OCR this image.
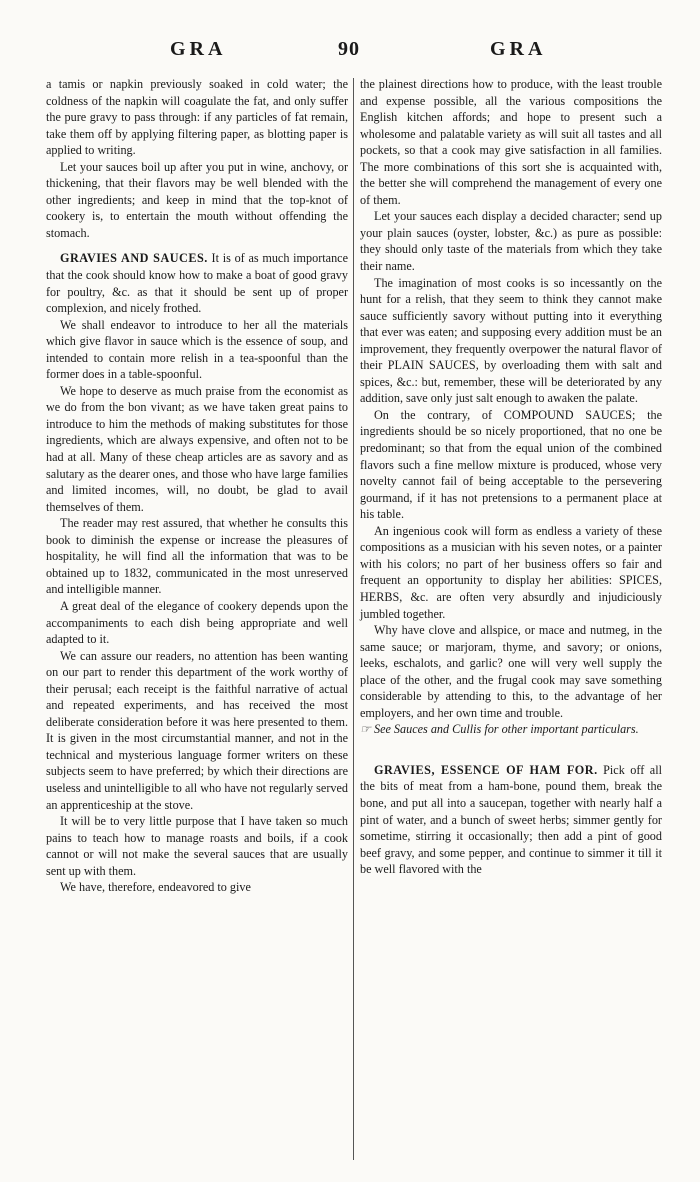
GRA	90	GRA

a tamis or napkin previously soaked in cold water; the coldness of the napkin will coagulate the fat, and only suffer the pure gravy to pass through: if any particles of fat remain, take them off by applying filtering paper, as blotting paper is applied to writing.

Let your sauces boil up after you put in wine, anchovy, or thickening, that their flavors may be well blended with the other ingredients; and keep in mind that the top-knot of cookery is, to entertain the mouth without offending the stomach.

GRAVIES AND SAUCES. It is of as much importance that the cook should know how to make a boat of good gravy for poultry, &c. as that it should be sent up of proper complexion, and nicely frothed.

We shall endeavor to introduce to her all the materials which give flavor in sauce which is the essence of soup, and intended to contain more relish in a tea-spoonful than the former does in a table-spoonful.

We hope to deserve as much praise from the economist as we do from the bon vivant; as we have taken great pains to introduce to him the methods of making substitutes for those ingredients, which are always expensive, and often not to be had at all. Many of these cheap articles are as savory and as salutary as the dearer ones, and those who have large families and limited incomes, will, no doubt, be glad to avail themselves of them.

The reader may rest assured, that whether he consults this book to diminish the expense or increase the pleasures of hospitality, he will find all the information that was to be obtained up to 1832, communicated in the most unreserved and intelligible manner.

A great deal of the elegance of cookery depends upon the accompaniments to each dish being appropriate and well adapted to it.

We can assure our readers, no attention has been wanting on our part to render this department of the work worthy of their perusal; each receipt is the faithful narrative of actual and repeated experiments, and has received the most deliberate consideration before it was here presented to them. It is given in the most circumstantial manner, and not in the technical and mysterious language former writers on these subjects seem to have preferred; by which their directions are useless and unintelligible to all who have not regularly served an apprenticeship at the stove.

It will be to very little purpose that I have taken so much pains to teach how to manage roasts and boils, if a cook cannot or will not make the several sauces that are usually sent up with them.

We have, therefore, endeavored to give

the plainest directions how to produce, with the least trouble and expense possible, all the various compositions the English kitchen affords; and hope to present such a wholesome and palatable variety as will suit all tastes and all pockets, so that a cook may give satisfaction in all families. The more combinations of this sort she is acquainted with, the better she will comprehend the management of every one of them.

Let your sauces each display a decided character; send up your plain sauces (oyster, lobster, &c.) as pure as possible: they should only taste of the materials from which they take their name.

The imagination of most cooks is so incessantly on the hunt for a relish, that they seem to think they cannot make sauce sufficiently savory without putting into it everything that ever was eaten; and supposing every addition must be an improvement, they frequently overpower the natural flavor of their PLAIN SAUCES, by overloading them with salt and spices, &c.: but, remember, these will be deteriorated by any addition, save only just salt enough to awaken the palate.

On the contrary, of COMPOUND SAUCES; the ingredients should be so nicely proportioned, that no one be predominant; so that from the equal union of the combined flavors such a fine mellow mixture is produced, whose very novelty cannot fail of being acceptable to the persevering gourmand, if it has not pretensions to a permanent place at his table.

An ingenious cook will form as endless a variety of these compositions as a musician with his seven notes, or a painter with his colors; no part of her business offers so fair and frequent an opportunity to display her abilities: SPICES, HERBS, &c. are often very absurdly and injudiciously jumbled together.

Why have clove and allspice, or mace and nutmeg, in the same sauce; or marjoram, thyme, and savory; or onions, leeks, eschalots, and garlic? one will very well supply the place of the other, and the frugal cook may save something considerable by attending to this, to the advantage of her employers, and her own time and trouble.

☞ See Sauces and Cullis for other important particulars.

GRAVIES, ESSENCE OF HAM FOR. Pick off all the bits of meat from a ham-bone, pound them, break the bone, and put all into a saucepan, together with nearly half a pint of water, and a bunch of sweet herbs; simmer gently for sometime, stirring it occasionally; then add a pint of good beef gravy, and some pepper, and continue to simmer it till it be well flavored with the
